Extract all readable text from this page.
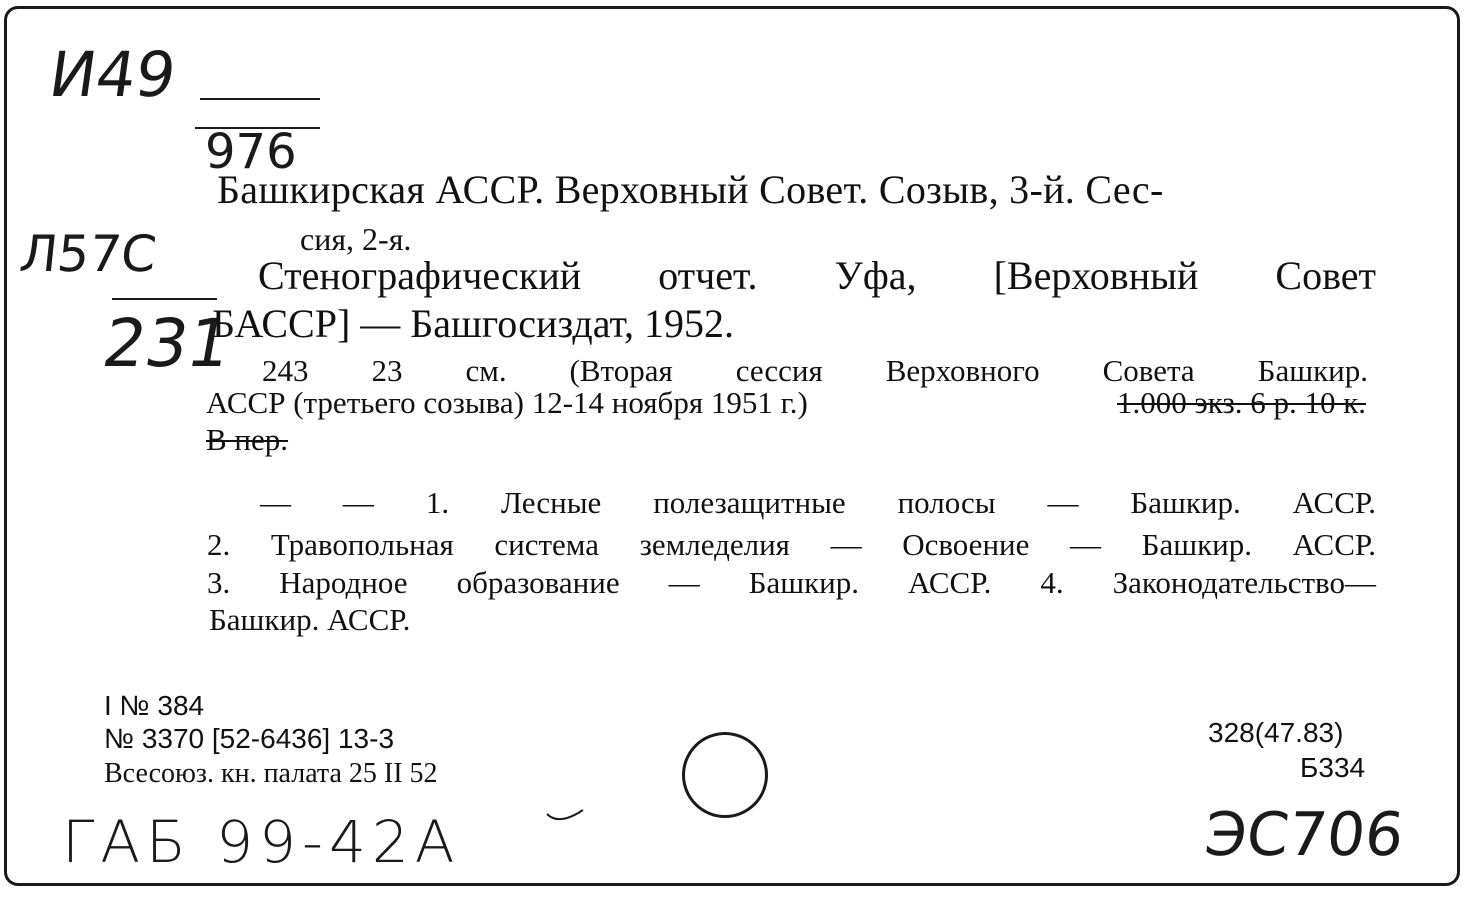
И49
976
Л57С
231
Башкирская АССР. Верховный Совет. Созыв, 3-й. Сес-
сия, 2-я.
Стенографический отчет. Уфа, [Верховный Совет
БАССР] — Башгосиздат, 1952.
243 23 см. (Вторая сессия Верховного Совета Башкир.
АССР (третьего созыва) 12-14 ноября 1951 г.)	1.000 экз. 6 р. 10 к.
В пер.
— — 1. Лесные полезащитные полосы — Башкир. АССР.
2. Травопольная система земледелия — Освоение — Башкир. АССР.
3. Народное образование — Башкир. АССР. 4. Законодательство—
Башкир. АССР.
I № 384
№ 3370 [52-6436] 13-3
Всесоюз. кн. палата 25 II 52
328(47.83)
Б334
ГАБ 99-42А	ЭС706
